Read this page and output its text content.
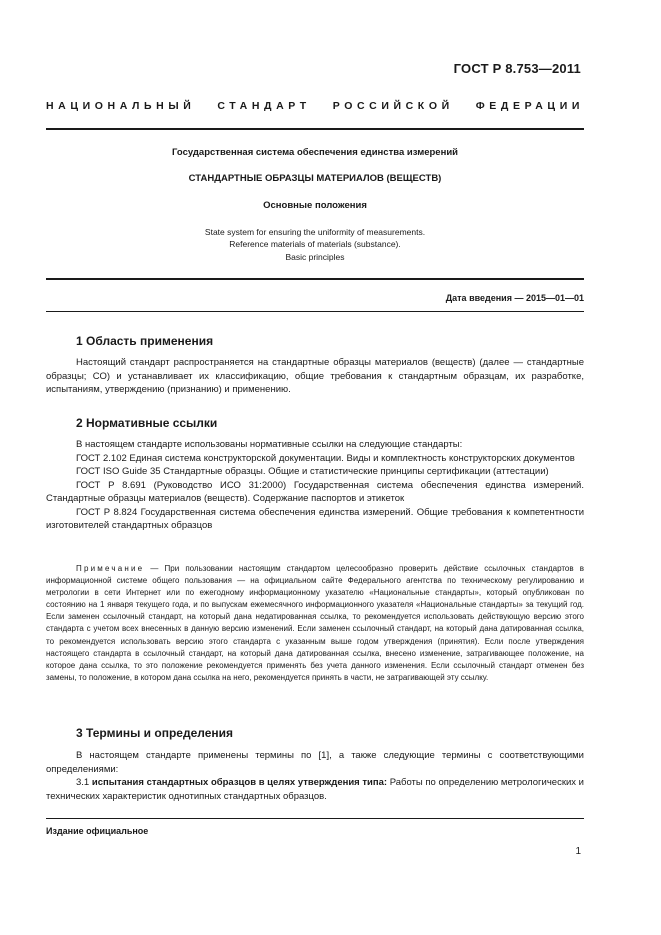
ГОСТ Р 8.753—2011
НАЦИОНАЛЬНЫЙ СТАНДАРТ РОССИЙСКОЙ ФЕДЕРАЦИИ
Государственная система обеспечения единства измерений
СТАНДАРТНЫЕ ОБРАЗЦЫ МАТЕРИАЛОВ (ВЕЩЕСТВ)
Основные положения
State system for ensuring the uniformity of measurements.
Reference materials of materials (substance).
Basic principles
Дата введения — 2015—01—01
1 Область применения

Настоящий стандарт распространяется на стандартные образцы материалов (веществ) (далее — стандартные образцы; СО) и устанавливает их классификацию, общие требования к стандартным образцам, их разработке, испытаниям, утверждению (признанию) и применению.

2 Нормативные ссылки

В настоящем стандарте использованы нормативные ссылки на следующие стандарты:

ГОСТ 2.102 Единая система конструкторской документации. Виды и комплектность конструкторских документов

ГОСТ ISO Guide 35 Стандартные образцы. Общие и статистические принципы сертификации (аттестации)

ГОСТ Р 8.691 (Руководство ИСО 31:2000) Государственная система обеспечения единства измерений. Стандартные образцы материалов (веществ). Содержание паспортов и этикеток

ГОСТ Р 8.824 Государственная система обеспечения единства измерений. Общие требования к компетентности изготовителей стандартных образцов

Примечание — При пользовании настоящим стандартом целесообразно проверить действие ссылочных стандартов в информационной системе общего пользования — на официальном сайте Федерального агентства по техническому регулированию и метрологии в сети Интернет или по ежегодному информационному указателю «Национальные стандарты», который опубликован по состоянию на 1 января текущего года, и по выпускам ежемесячного информационного указателя «Национальные стандарты» за текущий год. Если заменен ссылочный стандарт, на который дана недатированная ссылка, то рекомендуется использовать действующую версию этого стандарта с учетом всех внесенных в данную версию изменений. Если заменен ссылочный стандарт, на который дана датированная ссылка, то рекомендуется использовать версию этого стандарта с указанным выше годом утверждения (принятия). Если после утверждения настоящего стандарта в ссылочный стандарт, на который дана датированная ссылка, внесено изменение, затрагивающее положение, на которое дана ссылка, то это положение рекомендуется применять без учета данного изменения. Если ссылочный стандарт отменен без замены, то положение, в котором дана ссылка на него, рекомендуется принять в части, не затрагивающей эту ссылку.

3 Термины и определения

В настоящем стандарте применены термины по [1], а также следующие термины с соответствующими определениями:

3.1 испытания стандартных образцов в целях утверждения типа: Работы по определению метрологических и технических характеристик однотипных стандартных образцов.

Издание официальное
1
